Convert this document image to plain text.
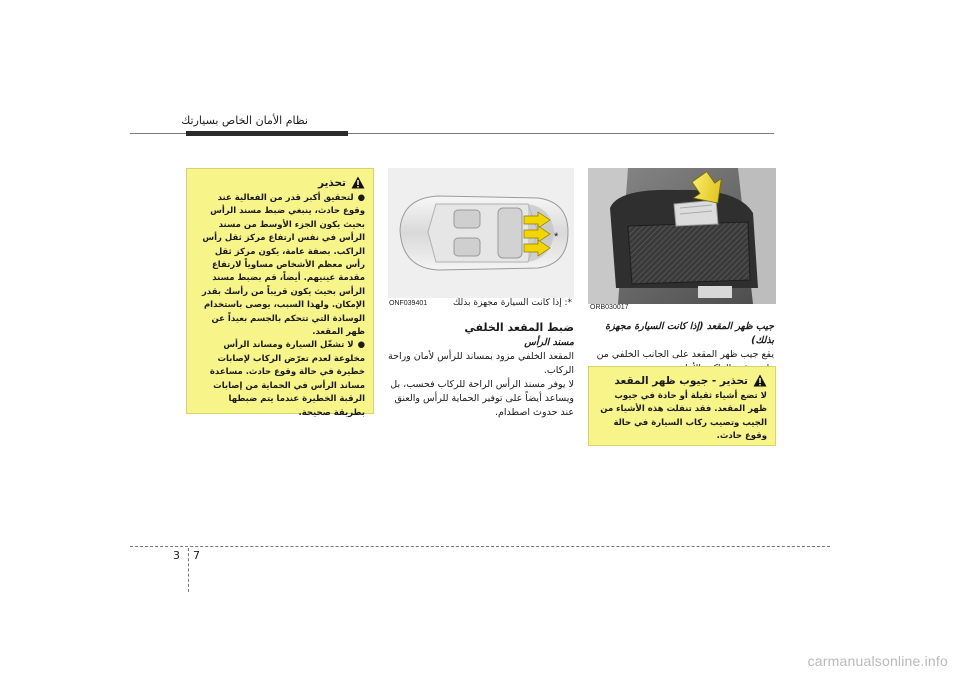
نظام الأمان الخاص بسيارتك
ORB030017
*
ONF039401	*: إذا كانت السيارة مجهزة بذلك
جيب ظهر المقعد (إذا كانت السيارة مجهزة بذلك)
يقع جيب ظهر المقعد على الجانب الخلفي من
ضبط المقعد الخلفي
مسند الرأس
المقعد الخلفي مزود بمساند للرأس لأمان وراحة الركاب.
لا يوفر مسند الرأس الراحة للركاب فحسب، بل ويساعد أيضاً على توفير الحماية للرأس والعنق عند حدوث اصطدام.
تحذير - جيوب ظهر المقعد

لا تضع أشياء ثقيلة أو حادة في جيوب ظهر المقعد. فقد تنفلت هذه الأشياء من الجيب وتصيب ركاب السيارة في حالة وقوع حادث.

تحذير

●لتحقيق أكبر قدر من الفعالية عند وقوع حادث، ينبغي ضبط مسند الرأس بحيث يكون الجزء الأوسط من مسند الرأس في نفس ارتفاع مركز ثقل رأس الراكب. بصفة عامة، يكون مركز ثقل رأس معظم الأشخاص مساوياً لارتفاع مقدمة عينيهم. أيضاً، قم بضبط مسند الرأس بحيث يكون قريباً من رأسك بقدر الإمكان. ولهذا السبب، يوصى باستخدام الوسادة التي تتحكم بالجسم بعيداً عن ظهر المقعد.

●لا تشغّل السيارة ومساند الرأس مخلوعة لعدم تعرّض الركاب لإصابات خطيرة في حالة وقوع حادث. مساعدة مساند الرأس في الحماية من إصابات الرقبة الخطيرة عندما يتم ضبطها بطريقة صحيحة.

3 7
carmanualsonline.info
